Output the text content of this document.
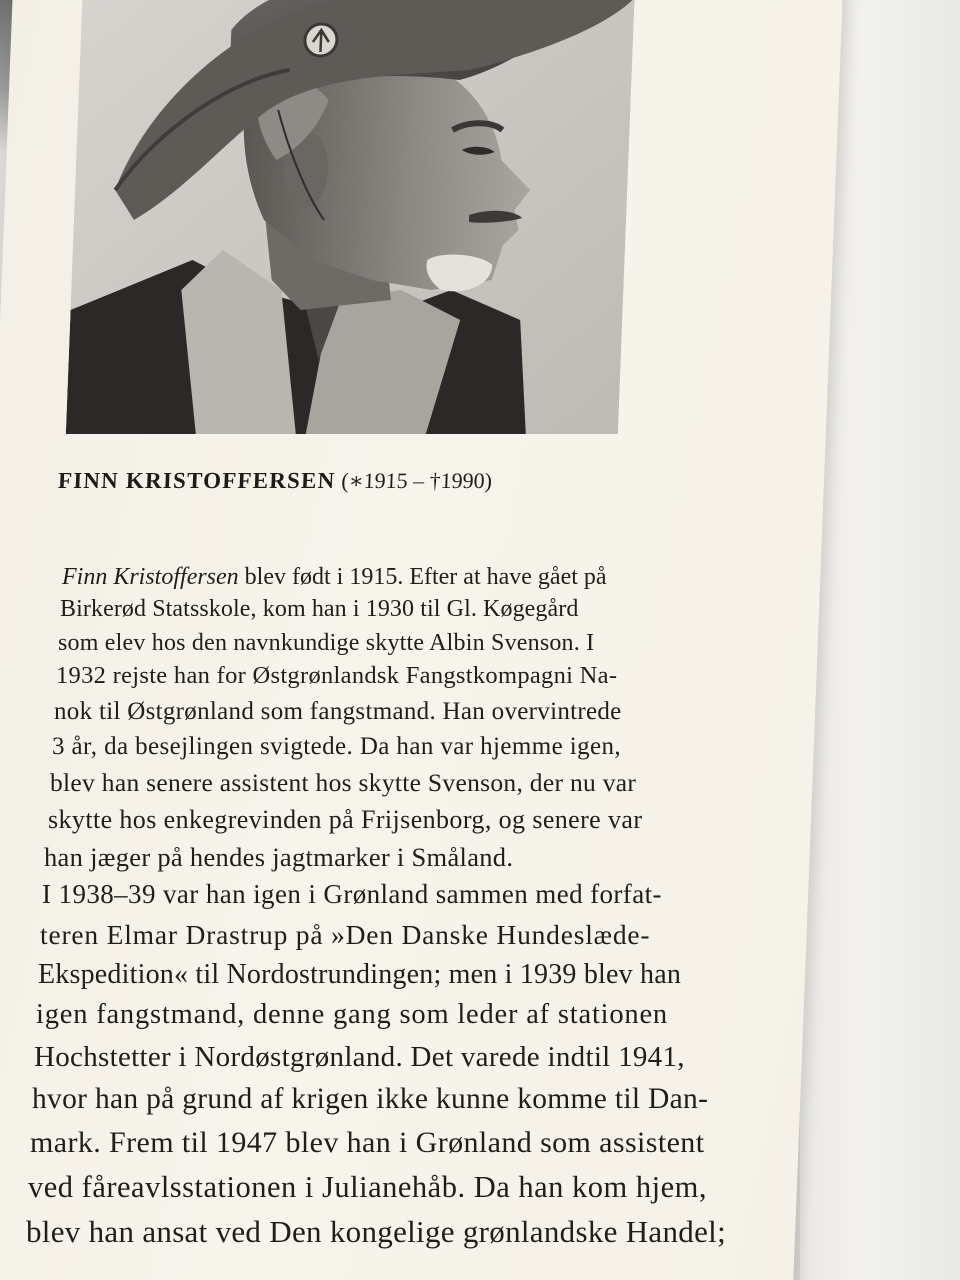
FINN KRISTOFFERSEN (∗1915 – †1990)
Finn Kristoffersen blev født i 1915. Efter at have gået på
Birkerød Statsskole, kom han i 1930 til Gl. Køgegård
som elev hos den navnkundige skytte Albin Svenson. I
1932 rejste han for Østgrønlandsk Fangstkompagni Na-
nok til Østgrønland som fangstmand. Han overvintrede
3 år, da besejlingen svigtede. Da han var hjemme igen,
blev han senere assistent hos skytte Svenson, der nu var
skytte hos enkegrevinden på Frijsenborg, og senere var
han jæger på hendes jagtmarker i Småland.
I 1938–39 var han igen i Grønland sammen med forfat-
teren Elmar Drastrup på »Den Danske Hundeslæde-
Ekspedition« til Nordostrundingen; men i 1939 blev han
igen fangstmand, denne gang som leder af stationen
Hochstetter i Nordøstgrønland. Det varede indtil 1941,
hvor han på grund af krigen ikke kunne komme til Dan-
mark. Frem til 1947 blev han i Grønland som assistent
ved fåreavlsstationen i Julianehåb. Da han kom hjem,
blev han ansat ved Den kongelige grønlandske Handel;
